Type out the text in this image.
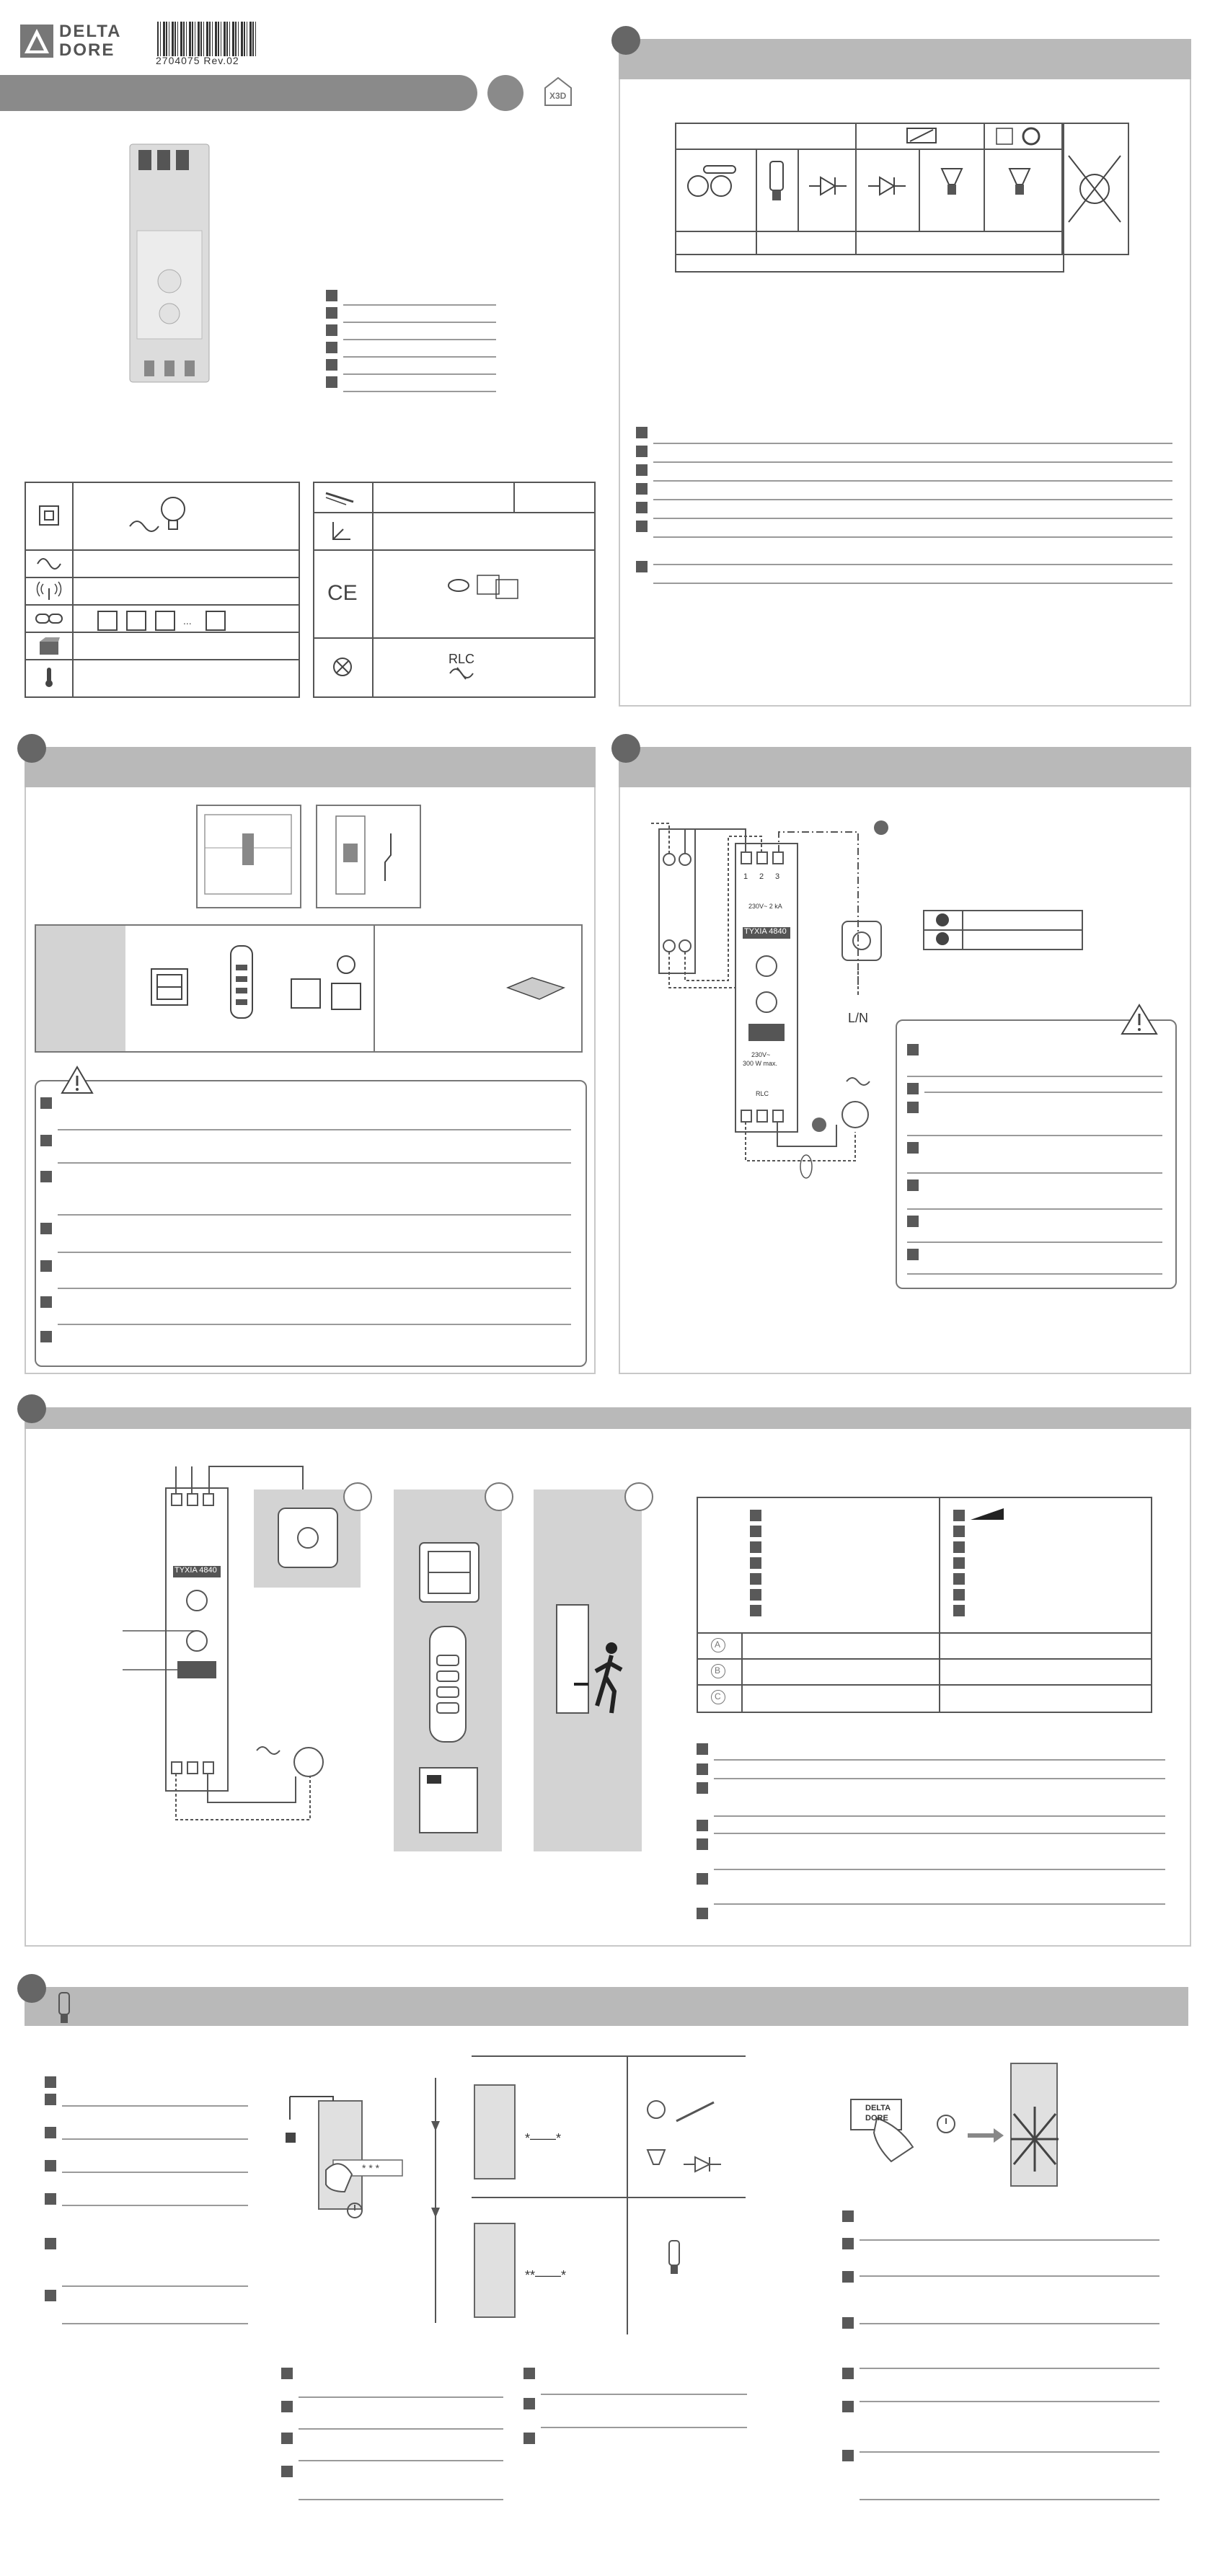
DELTA
DORE
2704075 Rev.02
X3D
...
CE
RLC
L/N
TYXIA 4840
230V~ 2 kA
1 2 3
300 W max.
230V~
RLC
TYXIA 4840
A
B
C
* * *
*——*
**——*
DELTA
DORE
